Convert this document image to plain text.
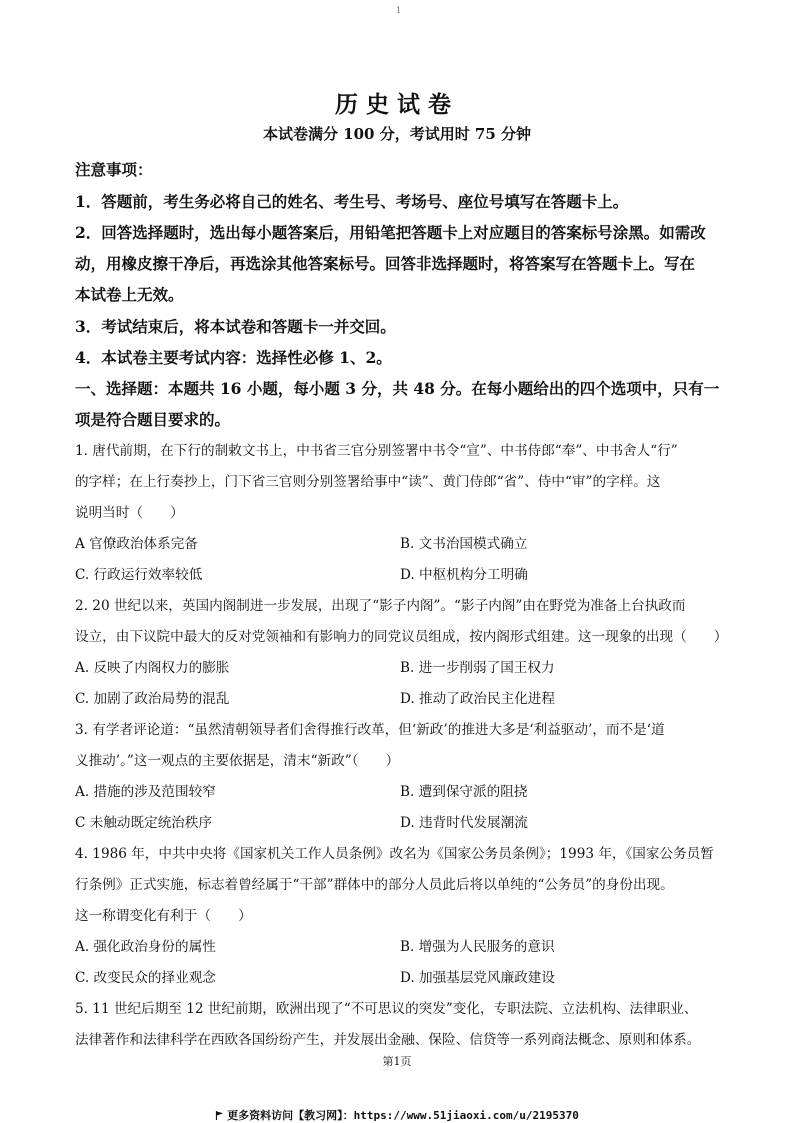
1
历史试卷

本试卷满分 100 分，考试用时 75 分钟

注意事项：

1．答题前，考生务必将自己的姓名、考生号、考场号、座位号填写在答题卡上。

2．回答选择题时，选出每小题答案后，用铅笔把答题卡上对应题目的答案标号涂黑。如需改

动，用橡皮擦干净后，再选涂其他答案标号。回答非选择题时，将答案写在答题卡上。写在

本试卷上无效。

3．考试结束后，将本试卷和答题卡一并交回。

4．本试卷主要考试内容：选择性必修 1、2。

一、选择题：本题共 16 小题，每小题 3 分，共 48 分。在每小题给出的四个选项中，只有一

项是符合题目要求的。

1. 唐代前期，在下行的制敕文书上，中书省三官分别签署中书令“宣”、中书侍郎“奉”、中书舍人“行”

的字样；在上行奏抄上，门下省三官则分别签署给事中“读”、黄门侍郎“省”、侍中“审”的字样。这

说明当时（　　）

A 官僚政治体系完备	B. 文书治国模式确立

C. 行政运行效率较低	D. 中枢机构分工明确

2. 20 世纪以来，英国内阁制进一步发展，出现了“影子内阁”。“影子内阁”由在野党为准备上台执政而

设立，由下议院中最大的反对党领袖和有影响力的同党议员组成，按内阁形式组建。这一现象的出现（　　）

A. 反映了内阁权力的膨胀	B. 进一步削弱了国王权力

C. 加剧了政治局势的混乱	D. 推动了政治民主化进程

3. 有学者评论道：“虽然清朝领导者们舍得推行改革，但‘新政’的推进大多是‘利益驱动’，而不是‘道

义推动’。”这一观点的主要依据是，清末“新政”（　　）

A. 措施的涉及范围较窄	B. 遭到保守派的阻挠

C 未触动既定统治秩序	D. 违背时代发展潮流

4. 1986 年，中共中央将《国家机关工作人员条例》改名为《国家公务员条例》；1993 年，《国家公务员暂

行条例》正式实施，标志着曾经属于“干部”群体中的部分人员此后将以单纯的“公务员”的身份出现。

这一称谓变化有利于（　　）

A. 强化政治身份的属性	B. 增强为人民服务的意识

C. 改变民众的择业观念	D. 加强基层党风廉政建设

5. 11 世纪后期至 12 世纪前期，欧洲出现了“不可思议的突发”变化，专职法院、立法机构、法律职业、

法律著作和法律科学在西欧各国纷纷产生，并发展出金融、保险、信贷等一系列商法概念、原则和体系。

第1页

更多资料访问【教习网】：https://www.51jiaoxi.com/u/2195370
